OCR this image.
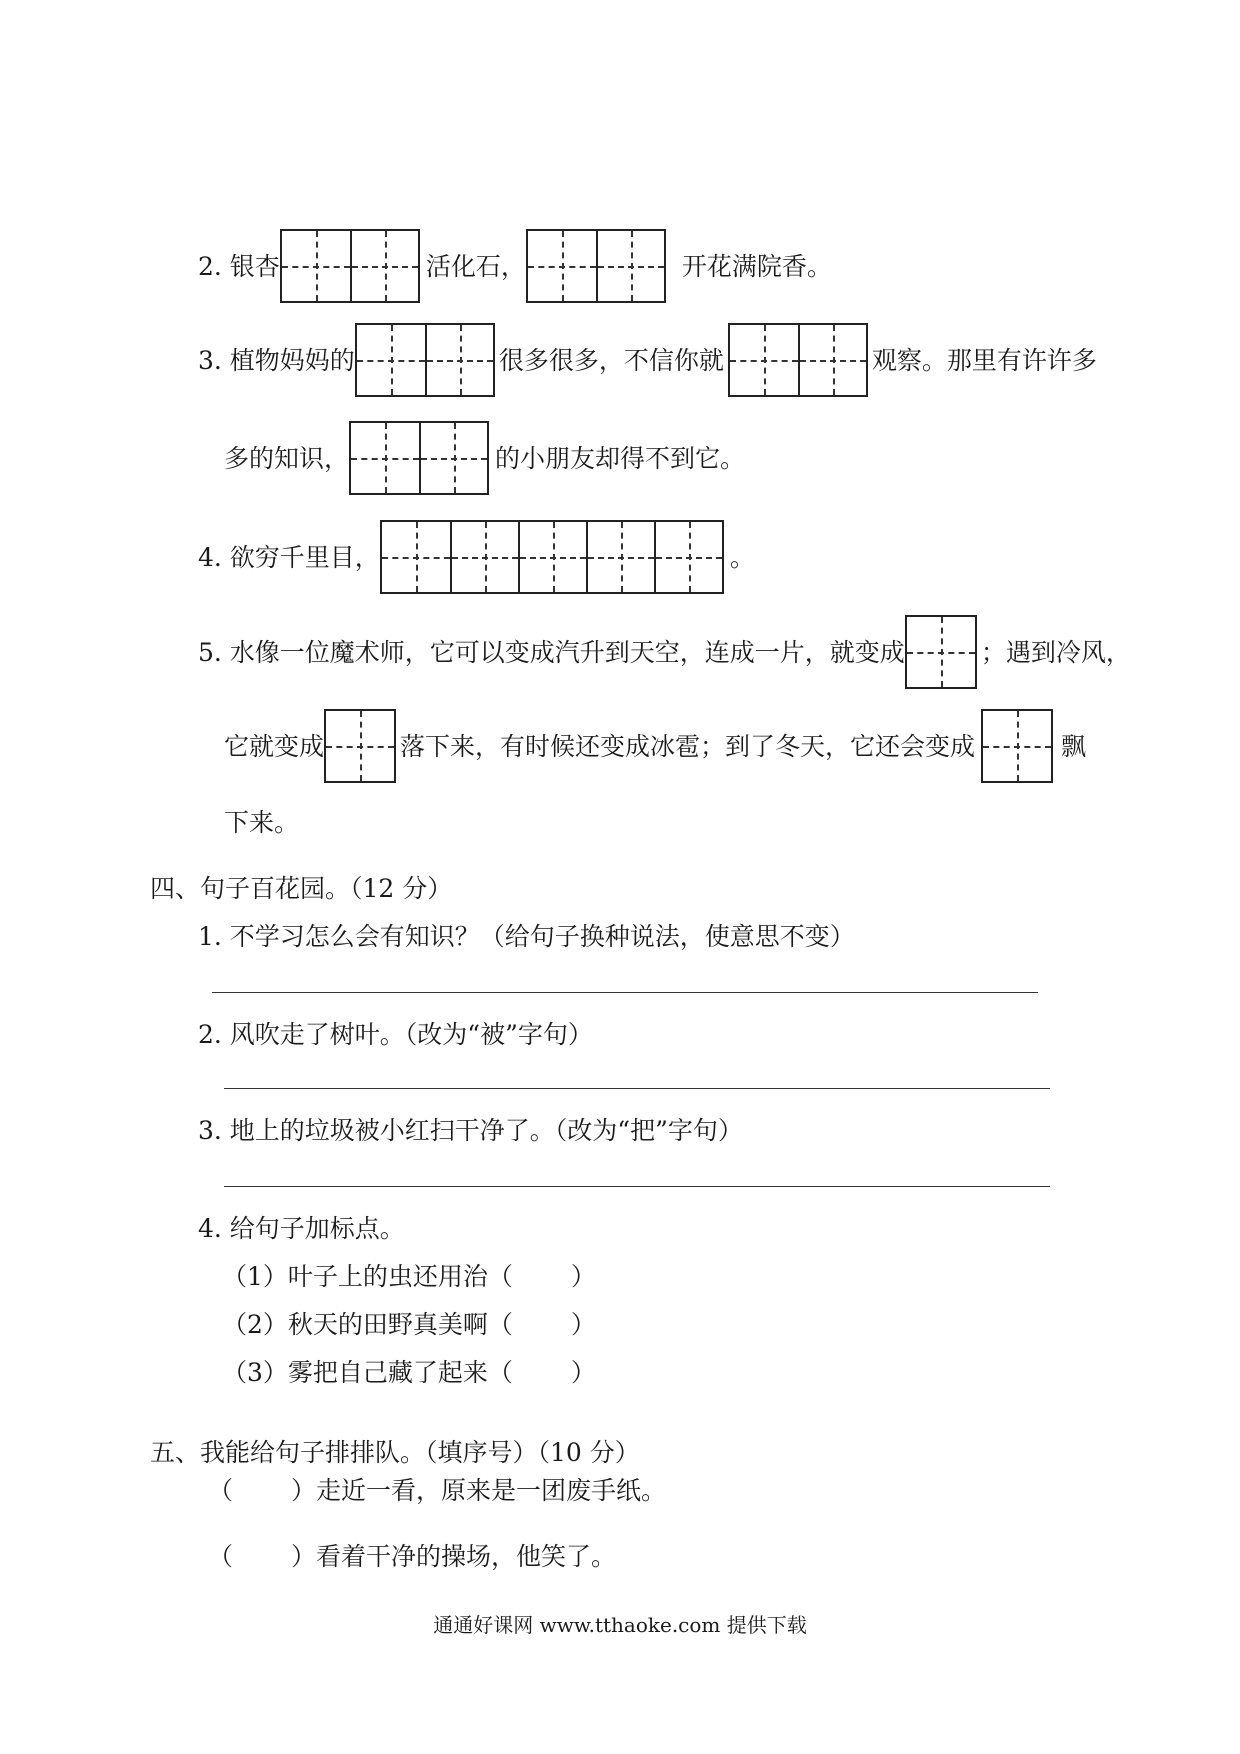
2. 银杏	活化石，	开花满院香。
3. 植物妈妈的	很多很多，不信你就	观察。那里有许许多
多的知识，	的小朋友却得不到它。
4. 欲穷千里目，	。
5. 水像一位魔术师，它可以变成汽升到天空，连成一片，就变成	；遇到冷风，
它就变成	落下来，有时候还变成冰雹；到了冬天，它还会变成	飘
下来。
四、句子百花园。（12 分）
1. 不学习怎么会有知识？（给句子换种说法，使意思不变）
2. 风吹走了树叶。（改为“被”字句）
3. 地上的垃圾被小红扫干净了。（改为“把”字句）
4. 给句子加标点。
（1）叶子上的虫还用治（　　 ）
（2）秋天的田野真美啊（　　 ）
（3）雾把自己藏了起来（　　 ）
五、我能给句子排排队。（填序号）（10 分）
（　　 ）走近一看，原来是一团废手纸。
（　　 ）看着干净的操场，他笑了。
通通好课网 www.tthaoke.com 提供下载
